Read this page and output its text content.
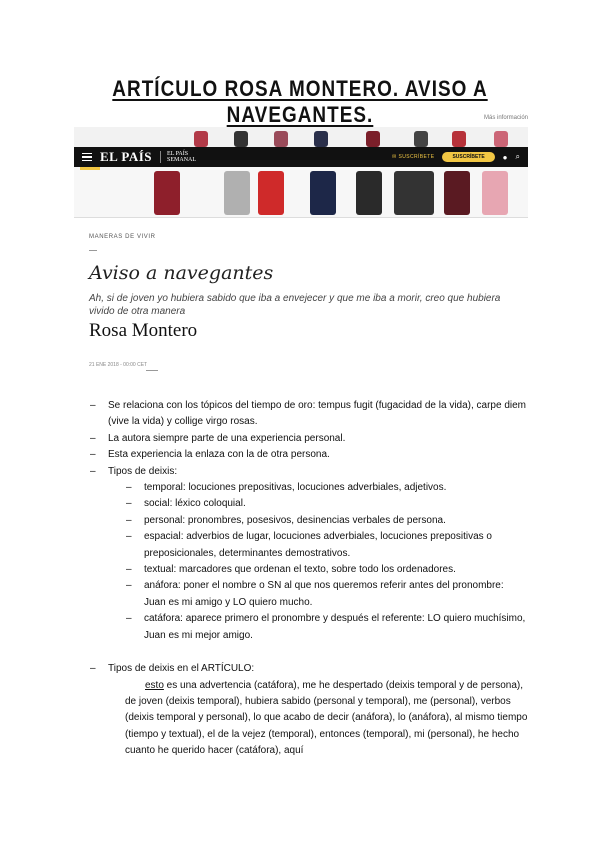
ARTÍCULO ROSA MONTERO. AVISO A NAVEGANTES.	Más información
EL PAÍS	EL PAÍS SEMANAL	✉ SUSCRÍBETE	SUSCRÍBETE	● ⌕
MANERAS DE VIVIR
Aviso a navegantes
Ah, si de joven yo hubiera sabido que iba a envejecer y que me iba a morir, creo que hubiera vivido de otra manera
Rosa Montero
21 ENE 2018 - 00:00 CET
– Se relaciona con los tópicos del tiempo de oro: tempus fugit (fugacidad de la vida), carpe diem (vive la vida) y collige virgo rosas.
– La autora siempre parte de una experiencia personal.
– Esta experiencia la enlaza con la de otra persona.
– Tipos de deixis:
– temporal: locuciones prepositivas, locuciones adverbiales, adjetivos.
– social: léxico coloquial.
– personal: pronombres, posesivos, desinencias verbales de persona.
– espacial: adverbios de lugar, locuciones adverbiales, locuciones prepositivas o preposicionales, determinantes demostrativos.
– textual: marcadores que ordenan el texto, sobre todo los ordenadores.
– anáfora: poner el nombre o SN al que nos queremos referir antes del pronombre: Juan es mi amigo y LO quiero mucho.
– catáfora: aparece primero el pronombre y después el referente: LO quiero muchísimo, Juan es mi mejor amigo.
– Tipos de deixis en el ARTÍCULO:
esto es una advertencia (catáfora), me he despertado (deixis temporal y de persona), de joven (deixis temporal), hubiera sabido (personal y temporal), me (personal), verbos (deixis temporal y personal), lo que acabo de decir (anáfora), lo (anáfora), al mismo tiempo (tiempo y textual), el de la vejez (temporal), entonces (temporal), mi (personal), he hecho cuanto he querido hacer (catáfora), aquí
